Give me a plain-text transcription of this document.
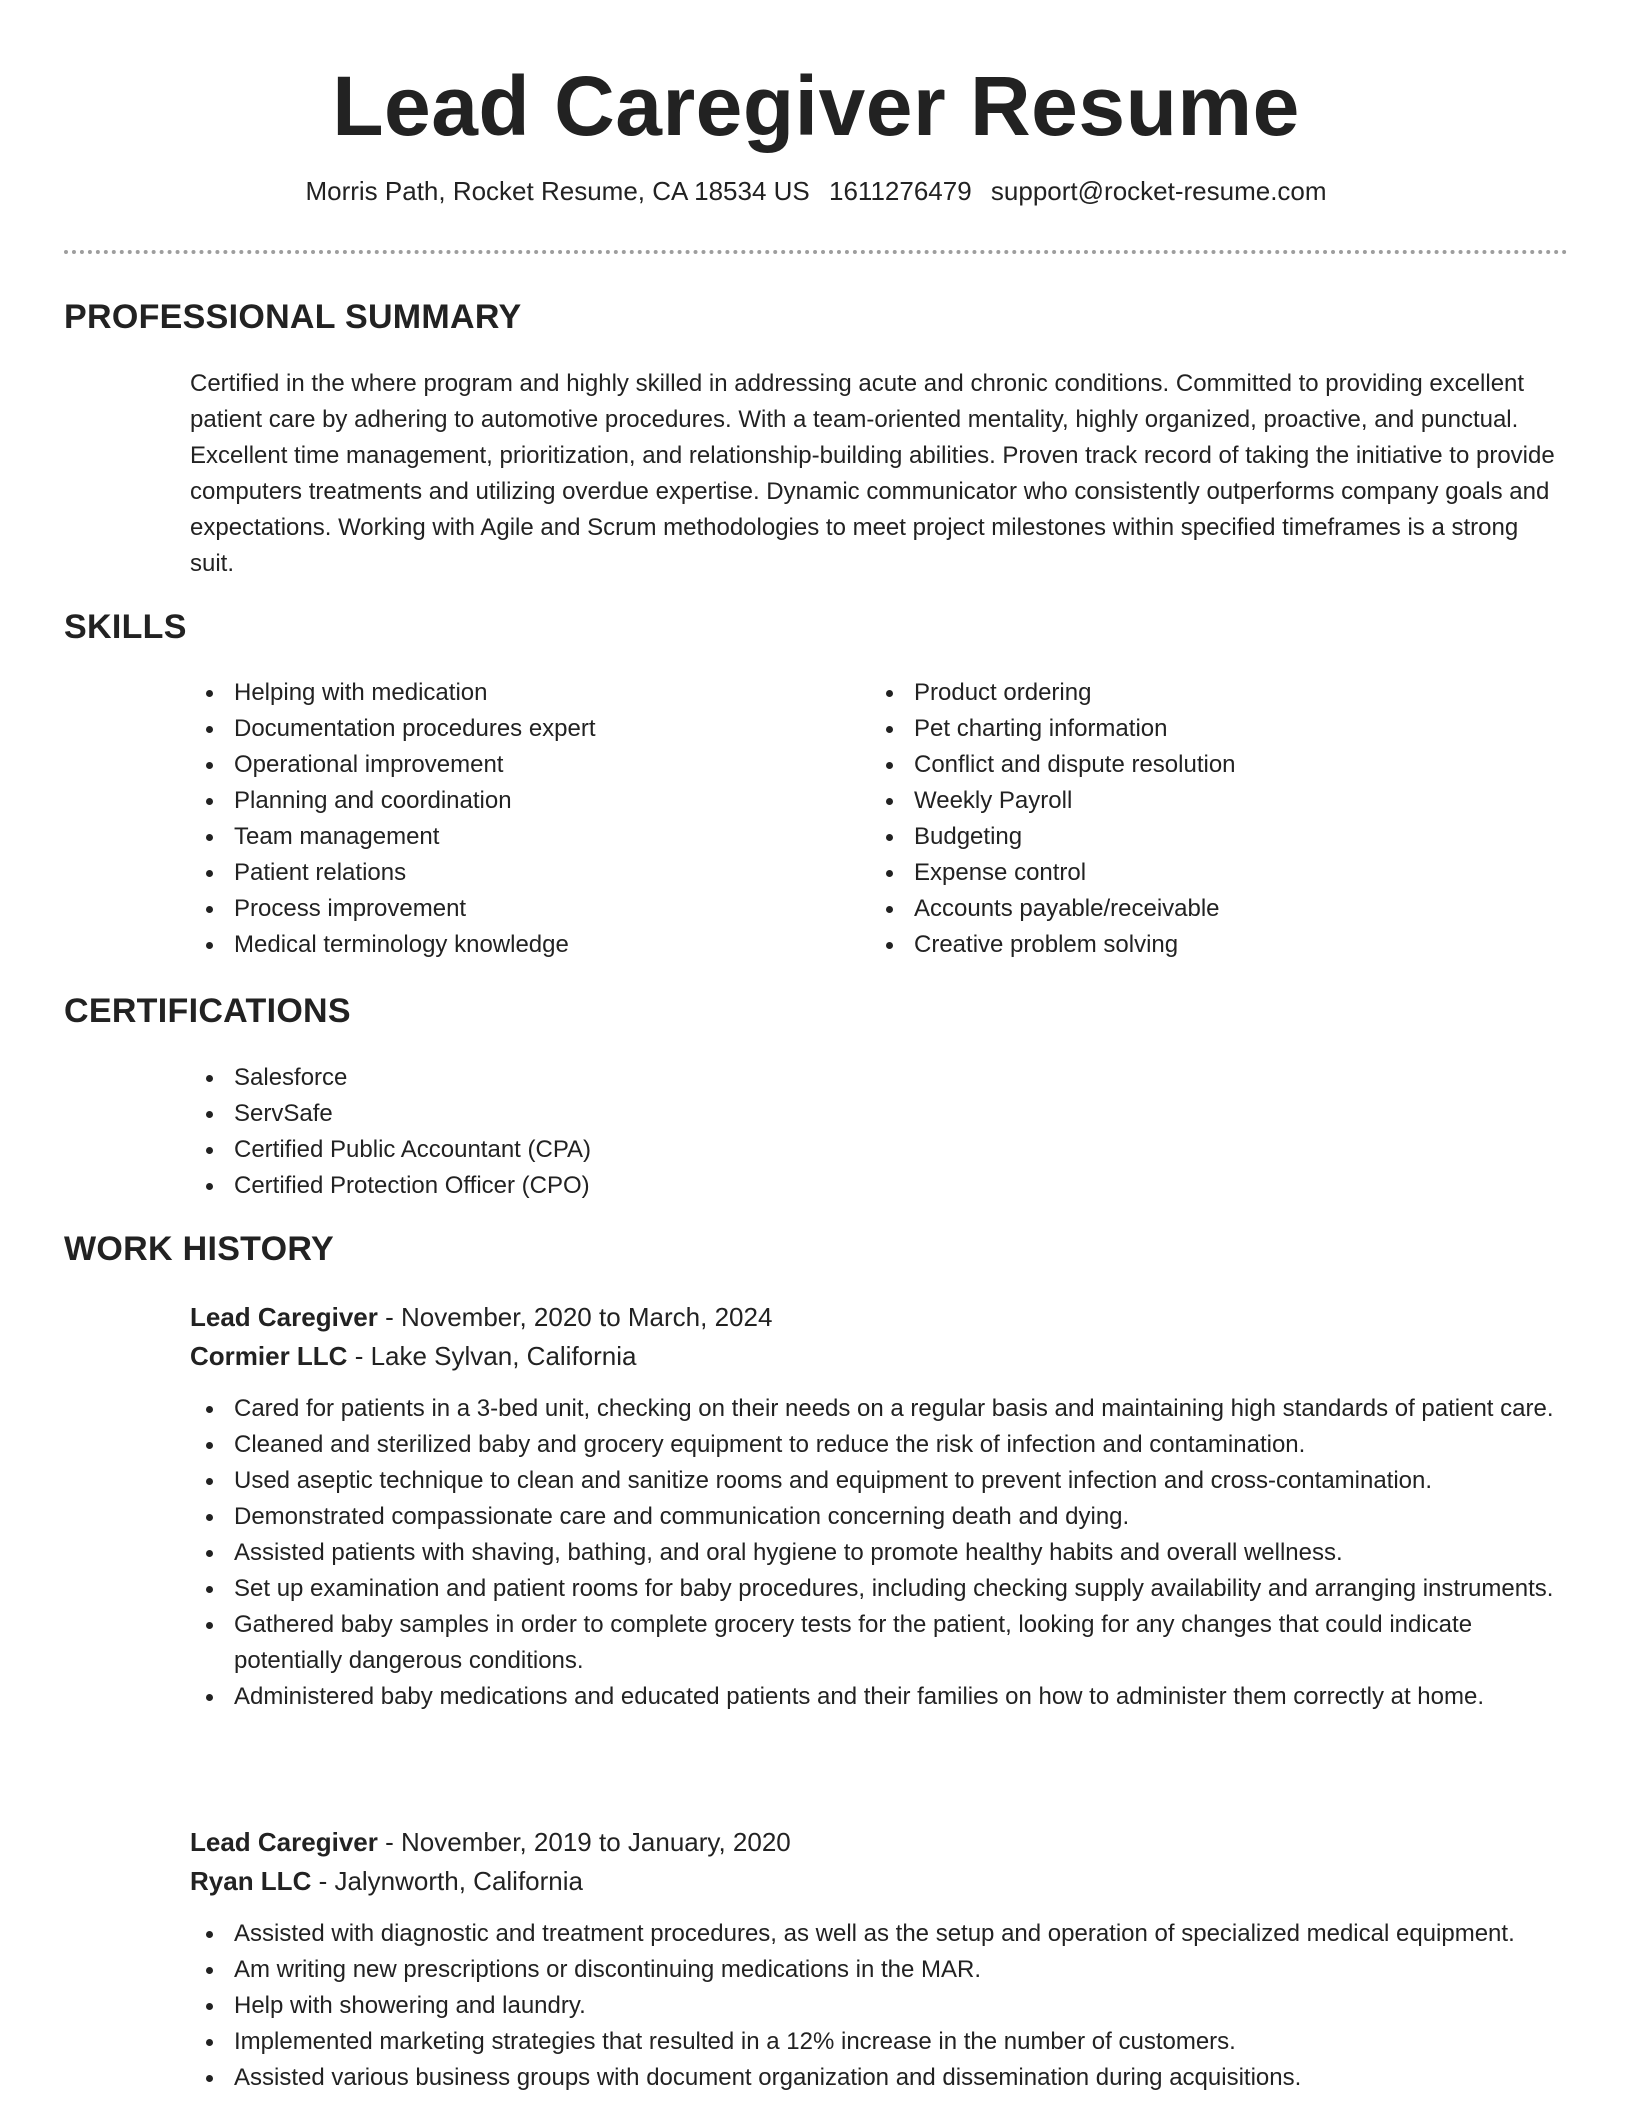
Lead Caregiver Resume
Morris Path, Rocket Resume, CA 18534 US 1611276479 support@rocket-resume.com
PROFESSIONAL SUMMARY

Certified in the where program and highly skilled in addressing acute and chronic conditions. Committed to providing excellent patient care by adhering to automotive procedures. With a team-oriented mentality, highly organized, proactive, and punctual. Excellent time management, prioritization, and relationship-building abilities. Proven track record of taking the initiative to provide computers treatments and utilizing overdue expertise. Dynamic communicator who consistently outperforms company goals and expectations. Working with Agile and Scrum methodologies to meet project milestones within specified timeframes is a strong suit.

SKILLS
Helping with medication
Documentation procedures expert
Operational improvement
Planning and coordination
Team management
Patient relations
Process improvement
Medical terminology knowledge
Product ordering
Pet charting information
Conflict and dispute resolution
Weekly Payroll
Budgeting
Expense control
Accounts payable/receivable
Creative problem solving
CERTIFICATIONS
Salesforce
ServSafe
Certified Public Accountant (CPA)
Certified Protection Officer (CPO)
WORK HISTORY
Lead Caregiver - November, 2020 to March, 2024
Cormier LLC - Lake Sylvan, California
Cared for patients in a 3-bed unit, checking on their needs on a regular basis and maintaining high standards of patient care.
Cleaned and sterilized baby and grocery equipment to reduce the risk of infection and contamination.
Used aseptic technique to clean and sanitize rooms and equipment to prevent infection and cross-contamination.
Demonstrated compassionate care and communication concerning death and dying.
Assisted patients with shaving, bathing, and oral hygiene to promote healthy habits and overall wellness.
Set up examination and patient rooms for baby procedures, including checking supply availability and arranging instruments.
Gathered baby samples in order to complete grocery tests for the patient, looking for any changes that could indicate potentially dangerous conditions.
Administered baby medications and educated patients and their families on how to administer them correctly at home.
Lead Caregiver - November, 2019 to January, 2020
Ryan LLC - Jalynworth, California
Assisted with diagnostic and treatment procedures, as well as the setup and operation of specialized medical equipment.
Am writing new prescriptions or discontinuing medications in the MAR.
Help with showering and laundry.
Implemented marketing strategies that resulted in a 12% increase in the number of customers.
Assisted various business groups with document organization and dissemination during acquisitions.
